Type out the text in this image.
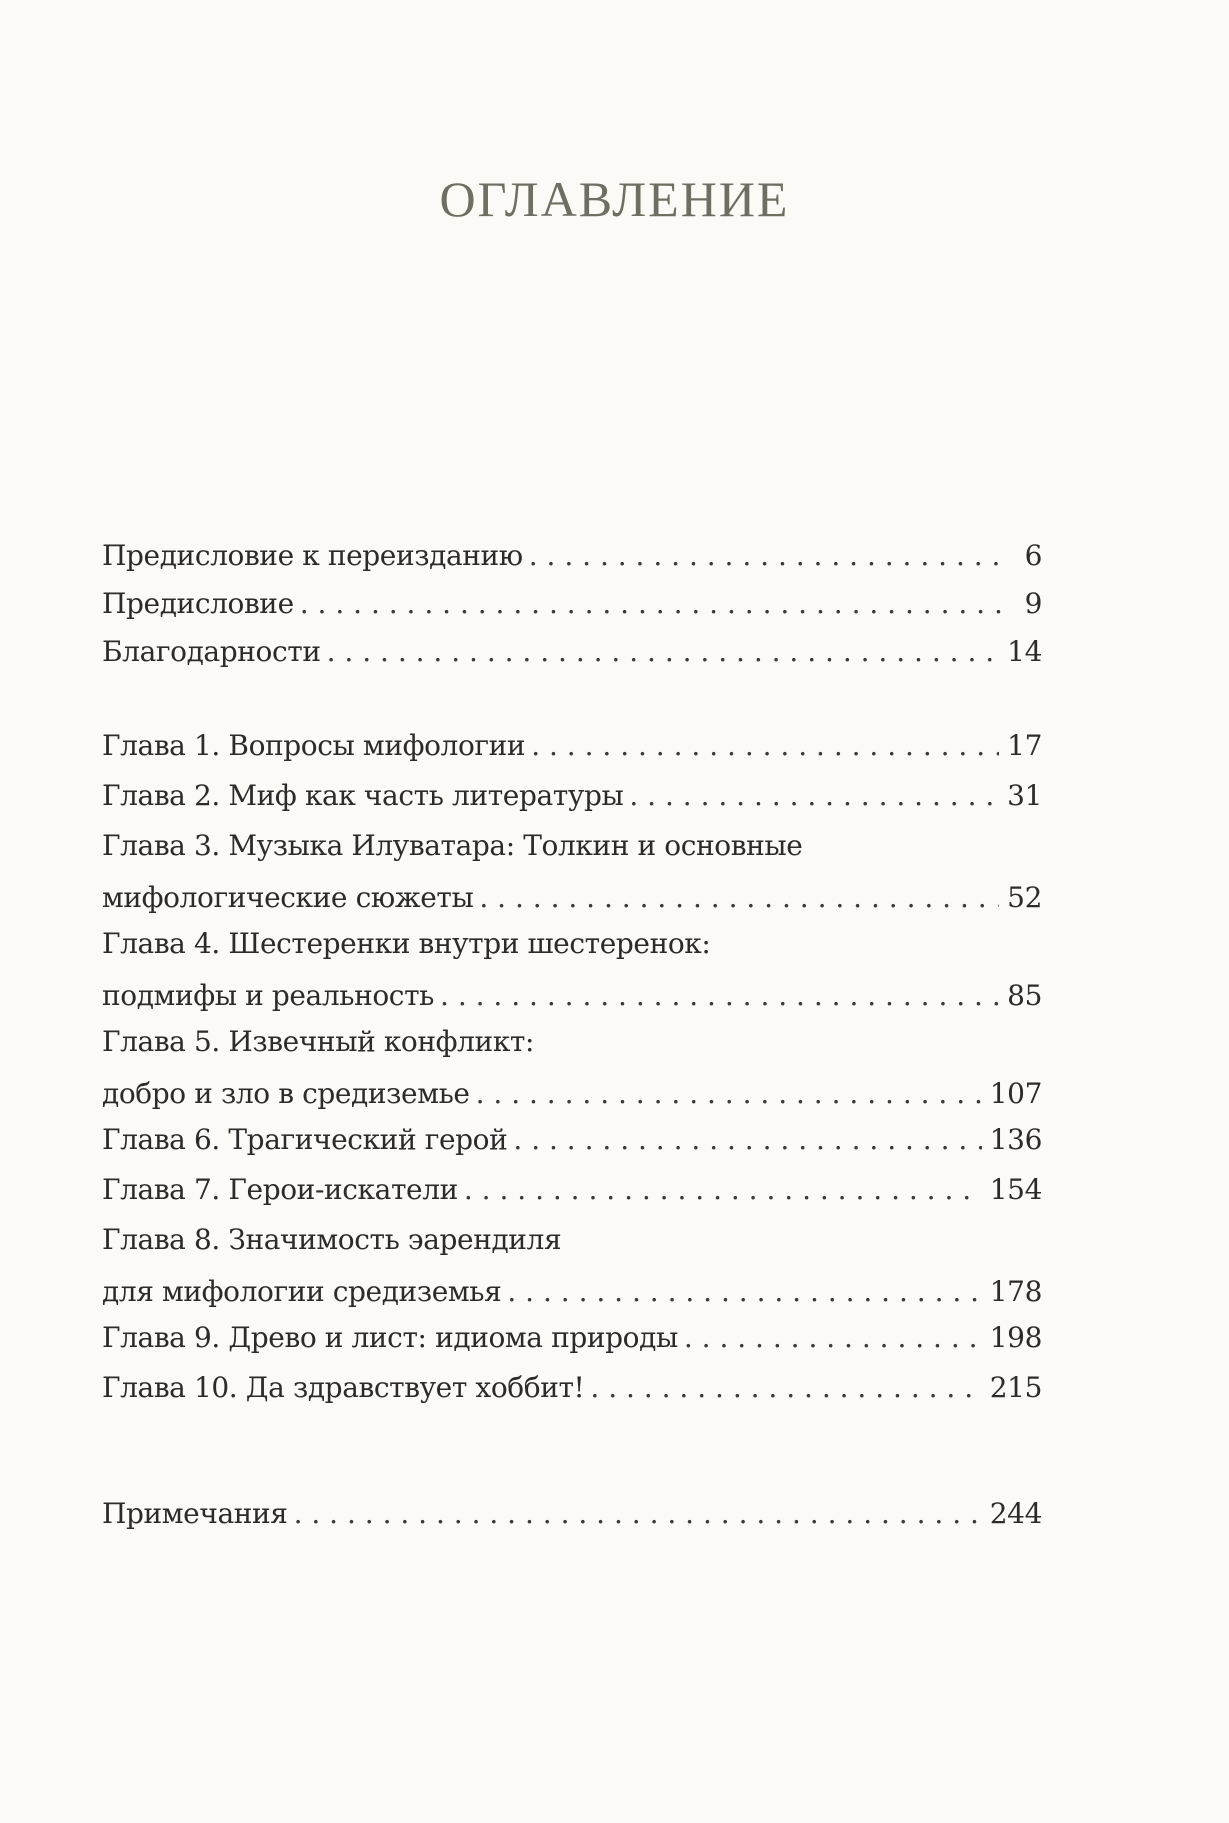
ОГЛАВЛЕНИЕ
Предисловие к переизданию . . .	6
Предисловие . . .	9
Благодарности . . .	14
Глава 1. Вопросы мифологии . . .	17
Глава 2. Миф как часть литературы . . .	31
Глава 3. Музыка Илуватара: Толкин и основные
мифологические сюжеты . . .	52
Глава 4. Шестеренки внутри шестеренок:
подмифы и реальность . . .	85
Глава 5. Извечный конфликт:
добро и зло в средиземье . . .	107
Глава 6. Трагический герой . . .	136
Глава 7. Герои-искатели . . .	154
Глава 8. Значимость эарендиля
для мифологии средиземья . . .	178
Глава 9. Древо и лист: идиома природы . . .	198
Глава 10. Да здравствует хоббит! . . .	215
Примечания . . .	244
